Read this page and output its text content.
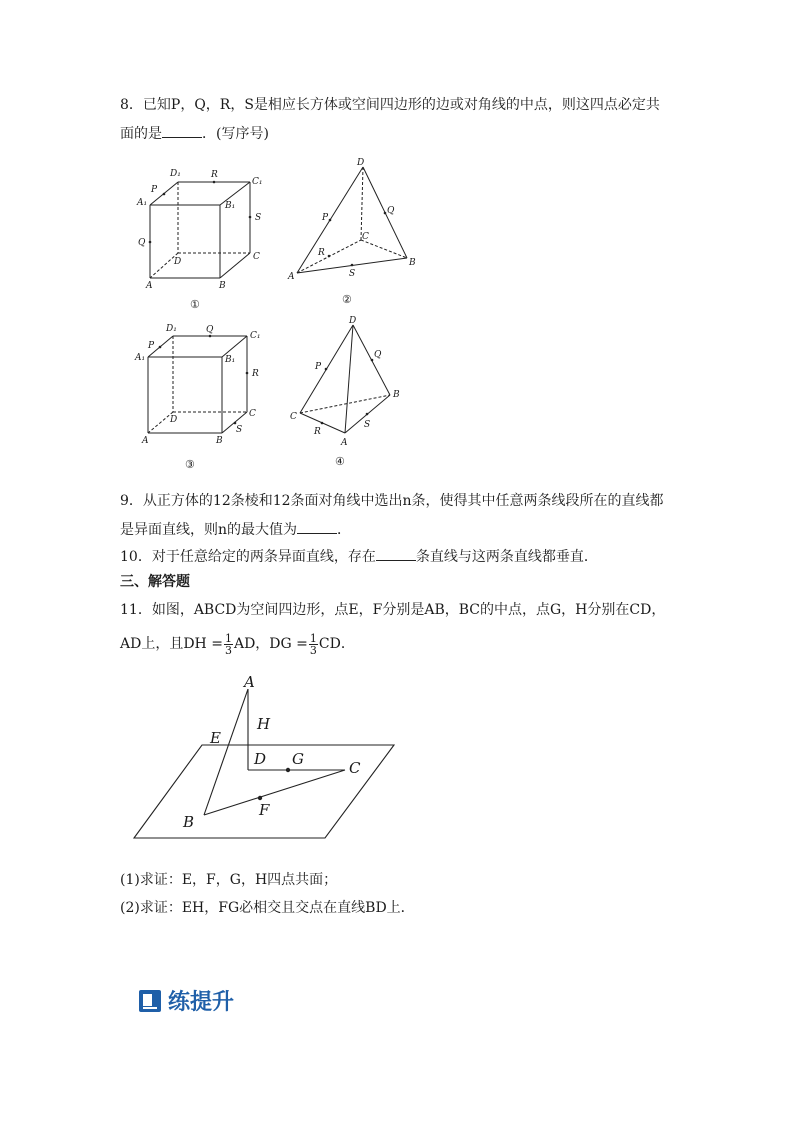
8．已知P，Q，R，S是相应长方体或空间四边形的边或对角线的中点，则这四点必定共
面的是	．(写序号)
D₁	R
C₁
P
A₁	B₁
S
Q
D	C
A	B
①
D
P
Q
C
R
A	S
B
②
D₁	Q
C₁
A₁
P
B₁
R
D
C
A	B
S
③
D
Q
P
B
C
R
A
S
④
9．从正方体的12条棱和12条面对角线中选出n条，使得其中任意两条线段所在的直线都
是异面直线，则n的最大值为	．
10．对于任意给定的两条异面直线，存在	条直线与这两条直线都垂直．
三、解答题
11．如图，ABCD为空间四边形，点E，F分别是AB，BC的中点，点G，H分别在CD，
AD上，且DH = $\frac{1}{3}$ AD，DG = $\frac{1}{3}$ CD．
A
H
E
D G	C
F
B
(1)求证：E，F，G，H四点共面；
(2)求证：EH，FG必相交且交点在直线BD上．
练提升
